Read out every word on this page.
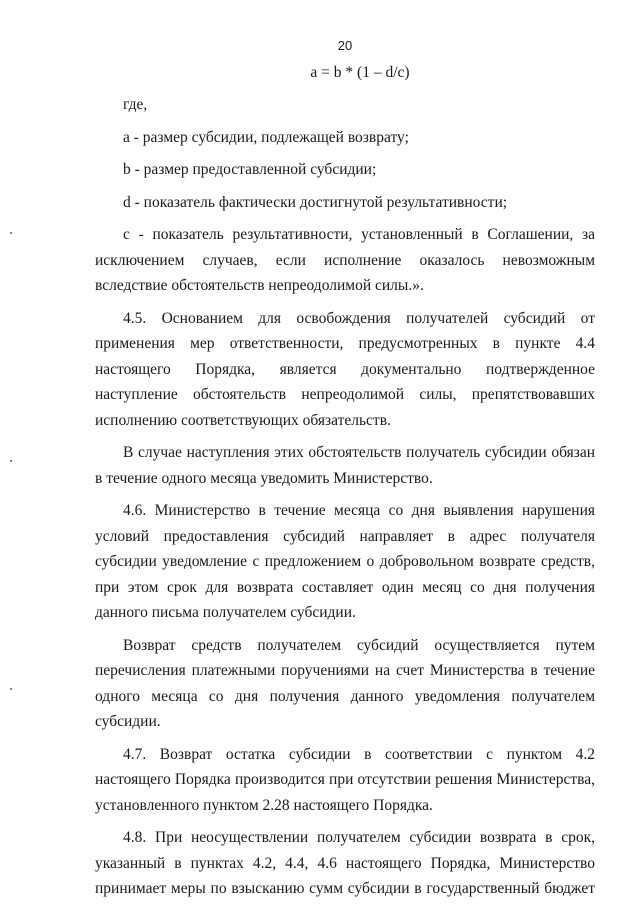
20
a = b * (1 – d/c)

где,

a - размер субсидии, подлежащей возврату;

b - размер предоставленной субсидии;

d - показатель фактически достигнутой результативности;

c - показатель результативности, установленный в Соглашении, за исключением случаев, если исполнение оказалось невозможным вследствие обстоятельств непреодолимой силы.».

4.5. Основанием для освобождения получателей субсидий от применения мер ответственности, предусмотренных в пункте 4.4 настоящего Порядка, является документально подтвержденное наступление обстоятельств непреодолимой силы, препятствовавших исполнению соответствующих обязательств.

В случае наступления этих обстоятельств получатель субсидии обязан в течение одного месяца уведомить Министерство.

4.6. Министерство в течение месяца со дня выявления нарушения условий предоставления субсидий направляет в адрес получателя субсидии уведомление с предложением о добровольном возврате средств, при этом срок для возврата составляет один месяц со дня получения данного письма получателем субсидии.

Возврат средств получателем субсидий осуществляется путем перечисления платежными поручениями на счет Министерства в течение одного месяца со дня получения данного уведомления получателем субсидии.

4.7. Возврат остатка субсидии в соответствии с пунктом 4.2 настоящего Порядка производится при отсутствии решения Министерства, установленного пунктом 2.28 настоящего Порядка.

4.8. При неосуществлении получателем субсидии возврата в срок, указанный в пунктах 4.2, 4.4, 4.6 настоящего Порядка, Министерство принимает меры по взысканию сумм субсидии в государственный бюджет
